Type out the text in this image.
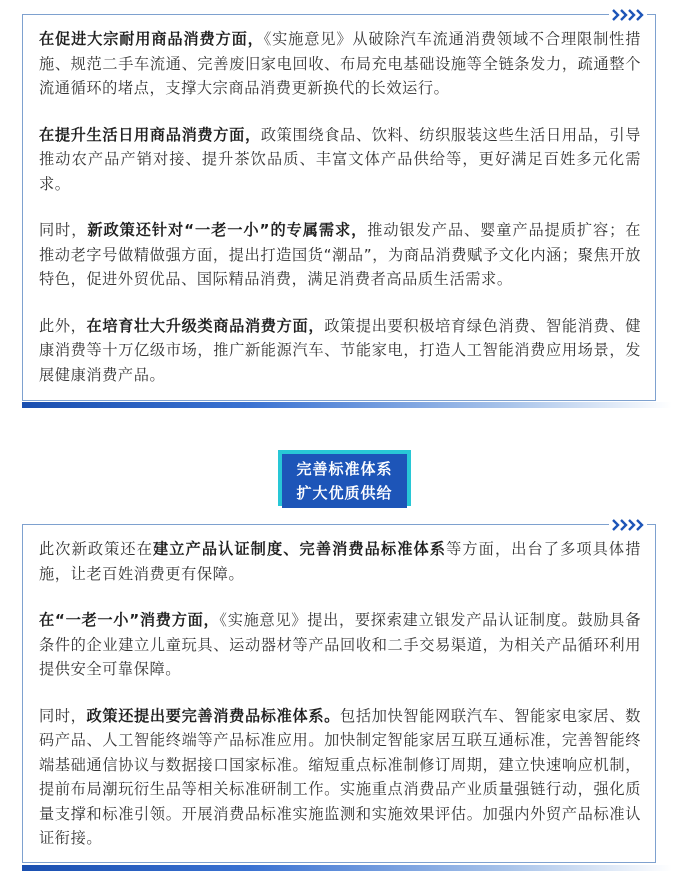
在促进大宗耐用商品消费方面，《实施意见》从破除汽车流通消费领域不合理限制性措施、规范二手车流通、完善废旧家电回收、布局充电基础设施等全链条发力，疏通整个流通循环的堵点，支撑大宗商品消费更新换代的长效运行。

在提升生活日用商品消费方面，政策围绕食品、饮料、纺织服装这些生活日用品，引导推动农产品产销对接、提升茶饮品质、丰富文体产品供给等，更好满足百姓多元化需求。

同时，新政策还针对“一老一小”的专属需求，推动银发产品、婴童产品提质扩容；在推动老字号做精做强方面，提出打造国货“潮品”，为商品消费赋予文化内涵；聚焦开放特色，促进外贸优品、国际精品消费，满足消费者高品质生活需求。

此外，在培育壮大升级类商品消费方面，政策提出要积极培育绿色消费、智能消费、健康消费等十万亿级市场，推广新能源汽车、节能家电，打造人工智能消费应用场景，发展健康消费产品。

完善标准体系
扩大优质供给

此次新政策还在建立产品认证制度、完善消费品标准体系等方面，出台了多项具体措施，让老百姓消费更有保障。

在“一老一小”消费方面，《实施意见》提出，要探索建立银发产品认证制度。鼓励具备条件的企业建立儿童玩具、运动器材等产品回收和二手交易渠道，为相关产品循环利用提供安全可靠保障。

同时，政策还提出要完善消费品标准体系。包括加快智能网联汽车、智能家电家居、数码产品、人工智能终端等产品标准应用。加快制定智能家居互联互通标准，完善智能终端基础通信协议与数据接口国家标准。缩短重点标准制修订周期，建立快速响应机制，提前布局潮玩衍生品等相关标准研制工作。实施重点消费品产业质量强链行动，强化质量支撑和标准引领。开展消费品标准实施监测和实施效果评估。加强内外贸产品标准认证衔接。
